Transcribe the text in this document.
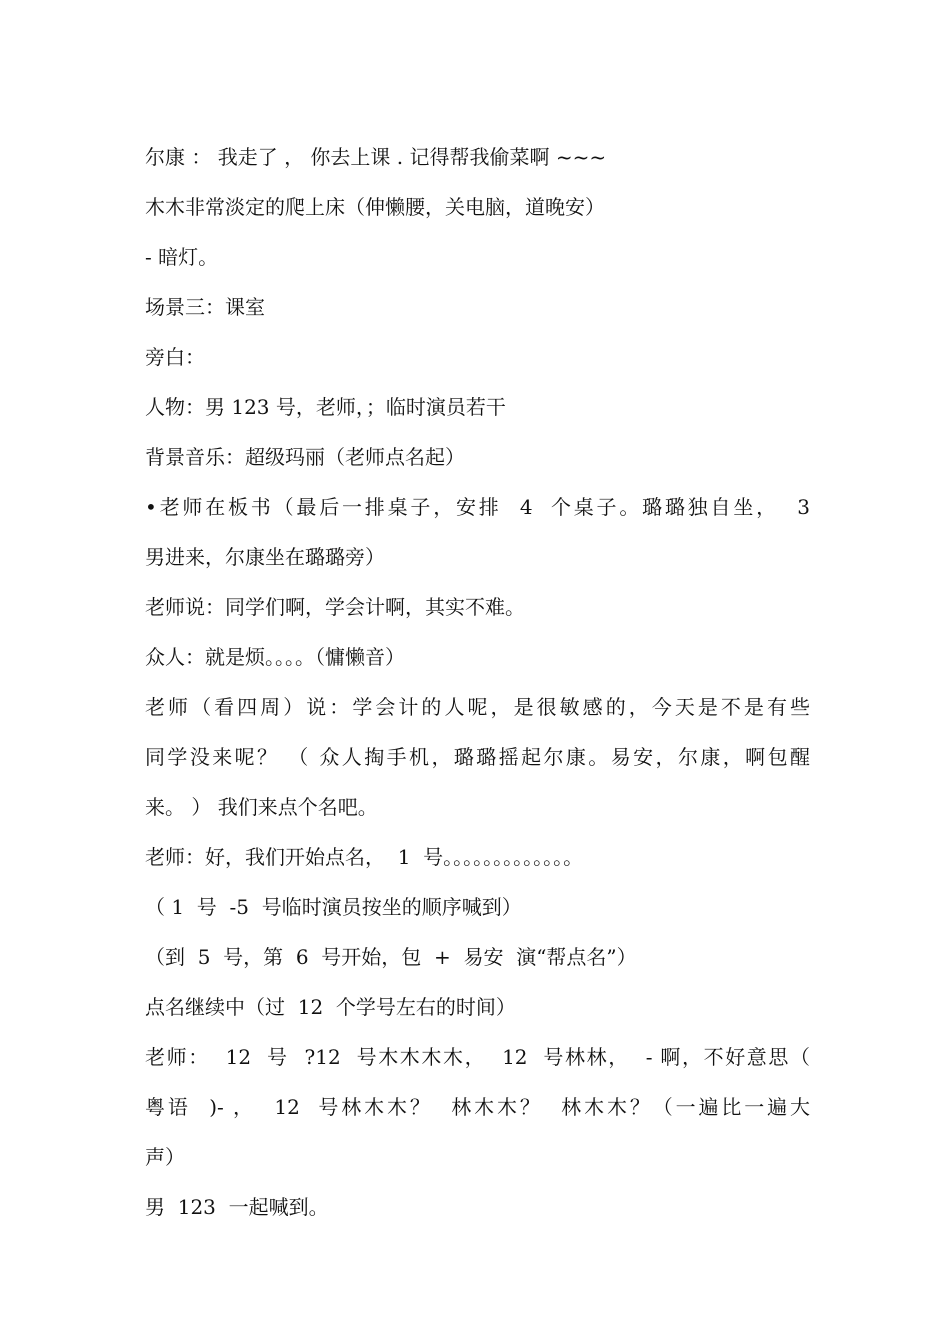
尔康 ： 我走了 ， 你去上课 . 记得帮我偷菜啊 ~~~
木木非常淡定的爬上床（伸懒腰，关电脑，道晚安）
- 暗灯。
场景三：课室
旁白：
人物：男 123 号，老师，；临时演员若干
背景音乐：超级玛丽（老师点名起）
•老师在板书（最后一排桌子，安排  4  个桌子。璐璐独自坐，  3
男进来，尔康坐在璐璐旁）
老师说：同学们啊，学会计啊，其实不难。
众人：就是烦。。。。（慵懒音）
老师（看四周）说：学会计的人呢，是很敏感的，今天是不是有些
同学没来呢？ （ 众人掏手机，璐璐摇起尔康。易安，尔康，啊包醒
来。 ） 我们来点个名吧。
老师：好，我们开始点名，  1  号。。。。。。。。。。。。。
（ 1  号  -5  号临时演员按坐的顺序喊到）
（到  5  号，第  6  号开始，包  +  易安  演“帮点名”）
点名继续中（过  12  个学号左右的时间）
老师：  12  号  ?12  号木木木木，  12  号林林，  - 啊，不好意思（
粤语  )- ，  12  号林木木？  林木木？  林木木？（一遍比一遍大
声）
男  123  一起喊到。
